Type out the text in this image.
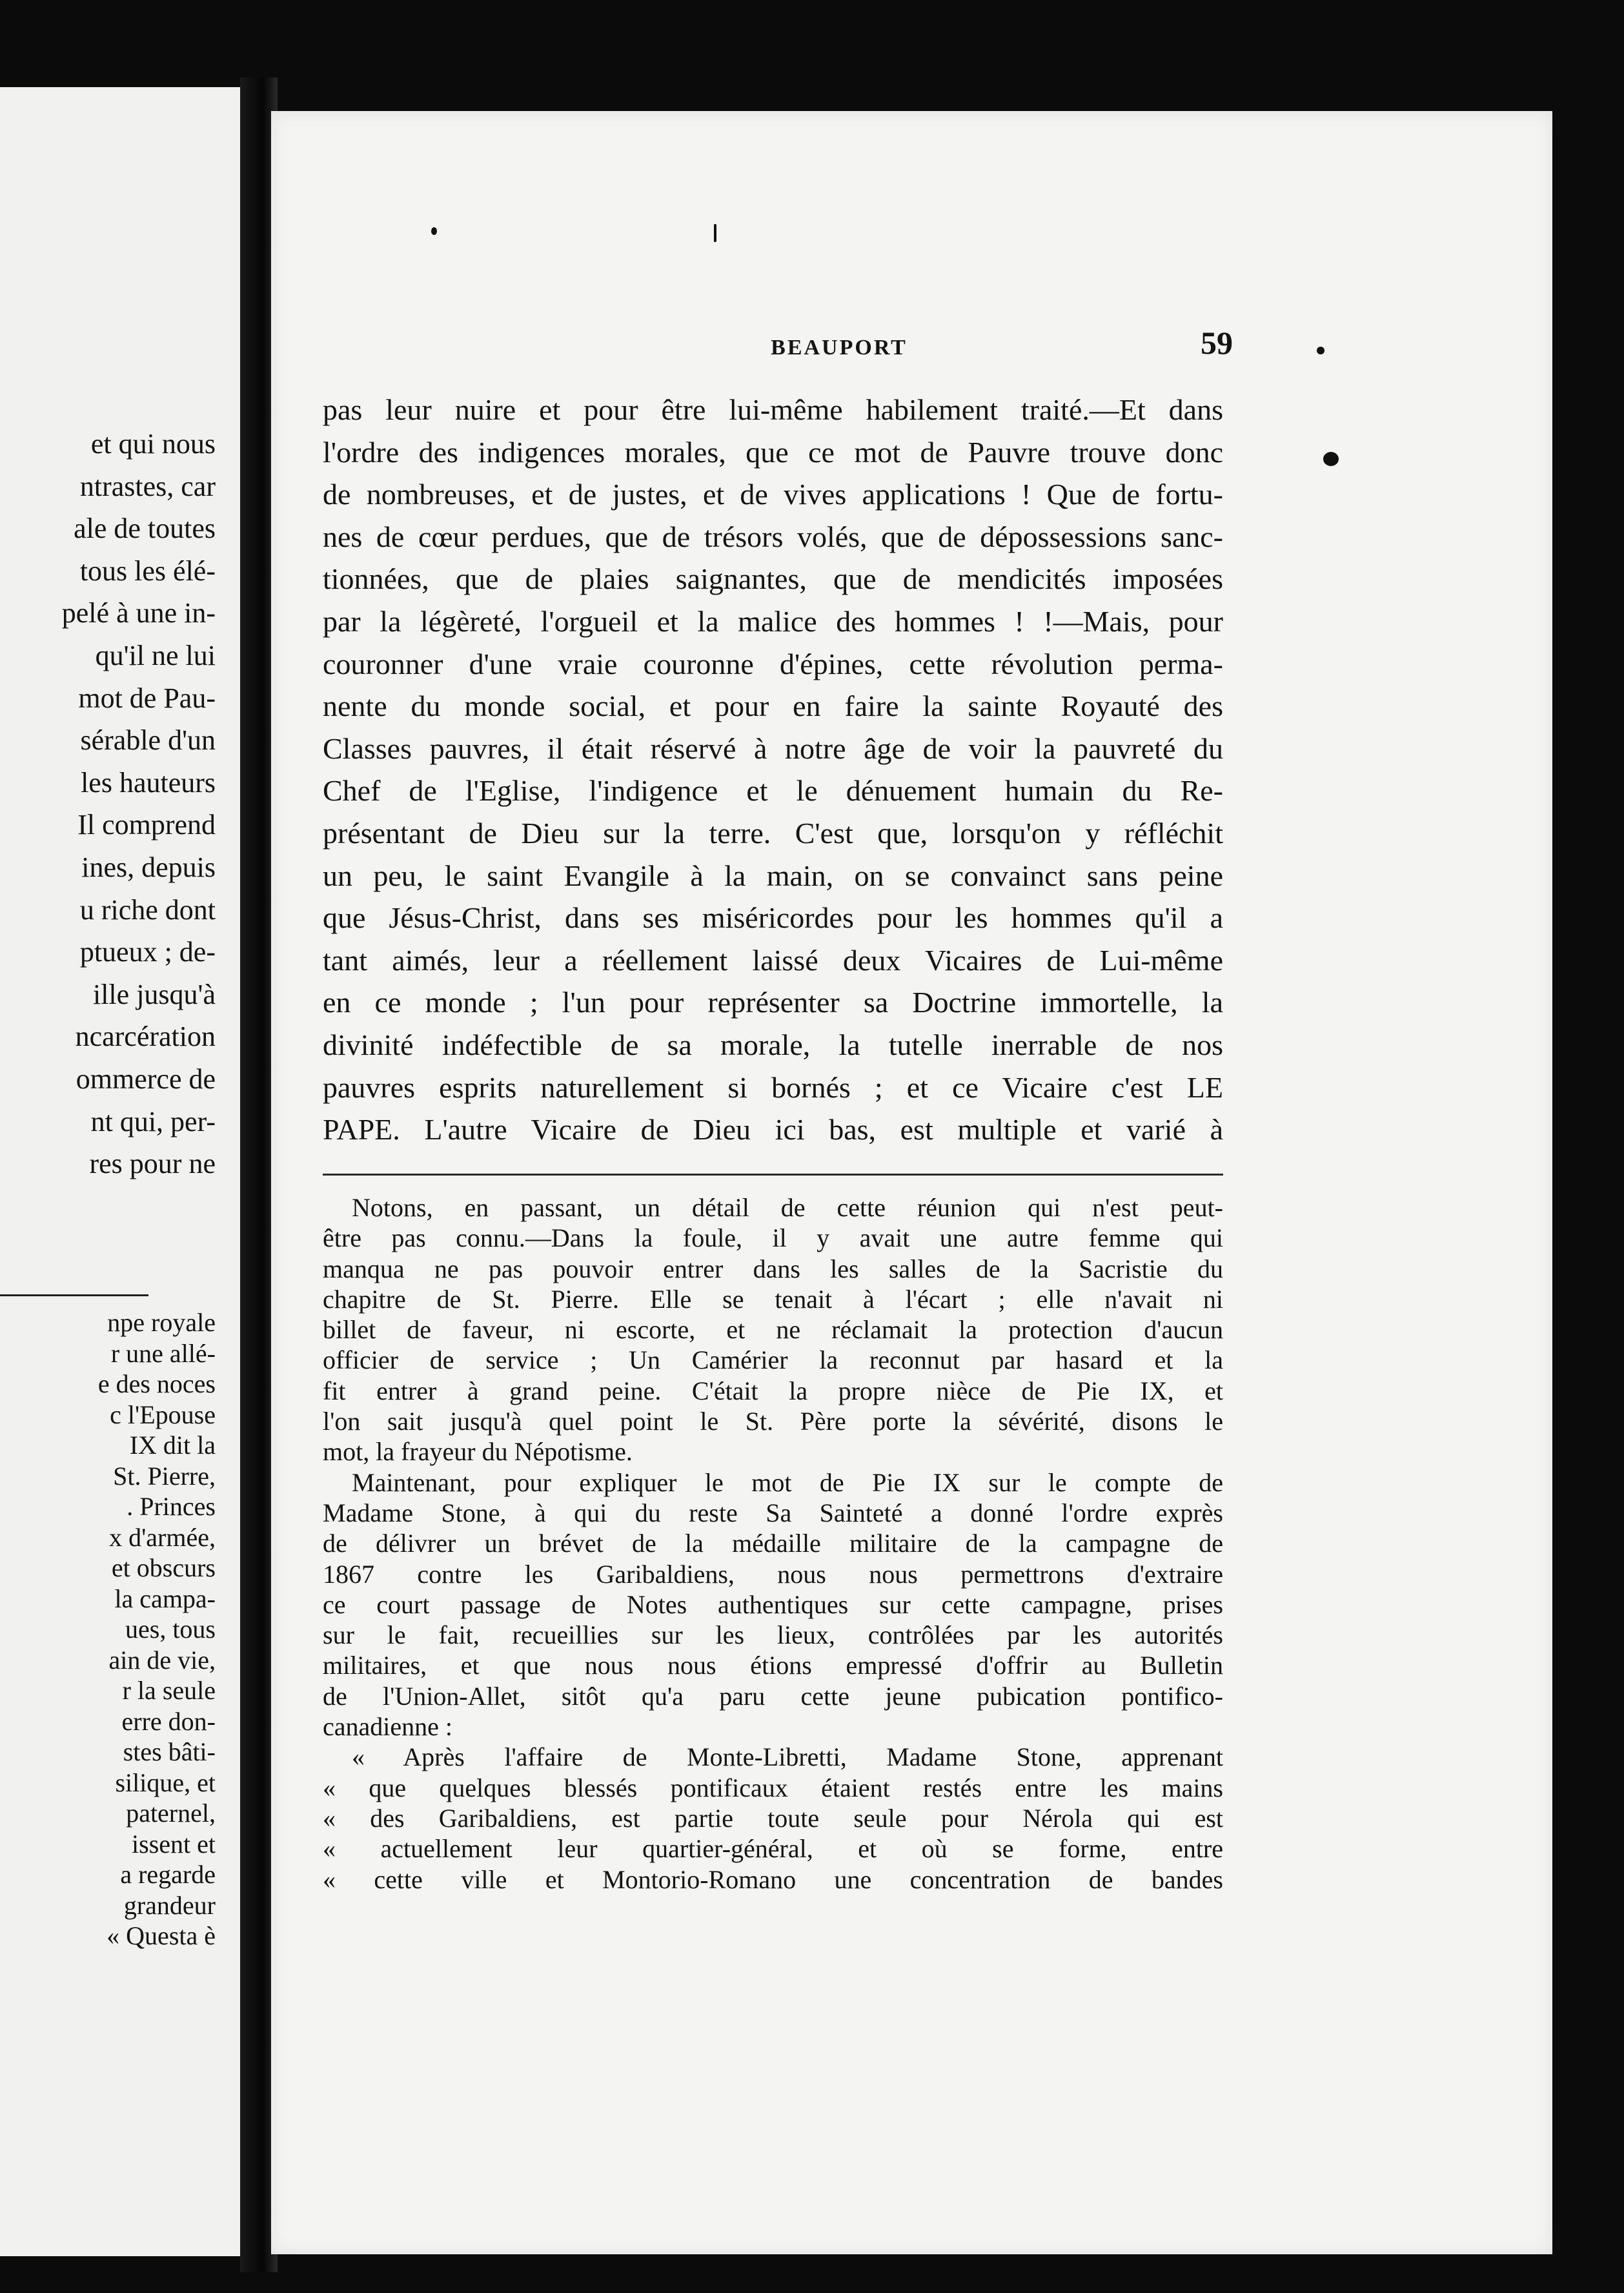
et qui nous
ntrastes, car
ale de toutes
tous les élé-
pelé à une in-
qu'il ne lui
mot de Pau-
sérable d'un
les hauteurs
Il comprend
ines, depuis
u riche dont
ptueux ; de-
ille jusqu'à
ncarcération
ommerce de
nt qui, per-
res pour ne
npe royale
r une allé-
e des noces
c l'Epouse
IX dit la
St. Pierre,
. Princes
x d'armée,
et obscurs
la campa-
ues, tous
ain de vie,
r la seule
erre don-
stes bâti-
silique, et
paternel,
issent et
a regarde
grandeur
« Questa è
BEAUPORT	59
pas leur nuire et pour être lui-même habilement traité.—Et dans
l'ordre des indigences morales, que ce mot de Pauvre trouve donc
de nombreuses, et de justes, et de vives applications ! Que de fortu-
nes de cœur perdues, que de trésors volés, que de dépossessions sanc-
tionnées, que de plaies saignantes, que de mendicités imposées
par la légèreté, l'orgueil et la malice des hommes ! !—Mais, pour
couronner d'une vraie couronne d'épines, cette révolution perma-
nente du monde social, et pour en faire la sainte Royauté des
Classes pauvres, il était réservé à notre âge de voir la pauvreté du
Chef de l'Eglise, l'indigence et le dénuement humain du Re-
présentant de Dieu sur la terre. C'est que, lorsqu'on y réfléchit
un peu, le saint Evangile à la main, on se convainct sans peine
que Jésus-Christ, dans ses miséricordes pour les hommes qu'il a
tant aimés, leur a réellement laissé deux Vicaires de Lui-même
en ce monde ; l'un pour représenter sa Doctrine immortelle, la
divinité indéfectible de sa morale, la tutelle inerrable de nos
pauvres esprits naturellement si bornés ; et ce Vicaire c'est LE
PAPE. L'autre Vicaire de Dieu ici bas, est multiple et varié à
Notons, en passant, un détail de cette réunion qui n'est peut-
être pas connu.—Dans la foule, il y avait une autre femme qui
manqua ne pas pouvoir entrer dans les salles de la Sacristie du
chapitre de St. Pierre. Elle se tenait à l'écart ; elle n'avait ni
billet de faveur, ni escorte, et ne réclamait la protection d'aucun
officier de service ; Un Camérier la reconnut par hasard et la
fit entrer à grand peine. C'était la propre nièce de Pie IX, et
l'on sait jusqu'à quel point le St. Père porte la sévérité, disons le
mot, la frayeur du Népotisme.
Maintenant, pour expliquer le mot de Pie IX sur le compte de
Madame Stone, à qui du reste Sa Sainteté a donné l'ordre exprès
de délivrer un brévet de la médaille militaire de la campagne de
1867 contre les Garibaldiens, nous nous permettrons d'extraire
ce court passage de Notes authentiques sur cette campagne, prises
sur le fait, recueillies sur les lieux, contrôlées par les autorités
militaires, et que nous nous étions empressé d'offrir au Bulletin
de l'Union-Allet, sitôt qu'a paru cette jeune pubication pontifico-
canadienne :
« Après l'affaire de Monte-Libretti, Madame Stone, apprenant
« que quelques blessés pontificaux étaient restés entre les mains
« des Garibaldiens, est partie toute seule pour Nérola qui est
« actuellement leur quartier-général, et où se forme, entre
« cette ville et Montorio-Romano une concentration de bandes
